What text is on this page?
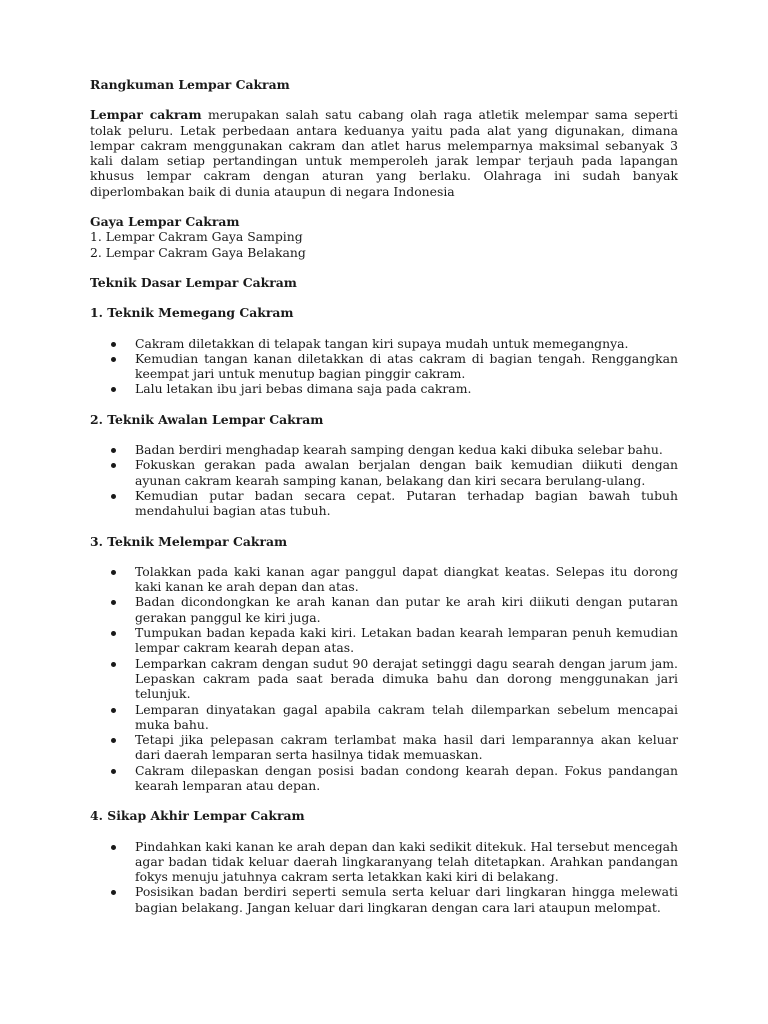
Rangkuman Lempar Cakram

Lempar cakram merupakan salah satu cabang olah raga atletik melempar sama seperti tolak peluru. Letak perbedaan antara keduanya yaitu pada alat yang digunakan, dimana lempar cakram menggunakan cakram dan atlet harus melemparnya maksimal sebanyak 3 kali dalam setiap pertandingan untuk memperoleh jarak lempar terjauh pada lapangan khusus lempar cakram dengan aturan yang berlaku. Olahraga ini sudah banyak diperlombakan baik di dunia ataupun di negara Indonesia

Gaya Lempar Cakram

1. Lempar Cakram Gaya Samping

2. Lempar Cakram Gaya Belakang

Teknik Dasar Lempar Cakram

1. Teknik Memegang Cakram

Cakram diletakkan di telapak tangan kiri supaya mudah untuk memegangnya.
Kemudian tangan kanan diletakkan di atas cakram di bagian tengah. Renggangkan keempat jari untuk menutup bagian pinggir cakram.
Lalu letakan ibu jari bebas dimana saja pada cakram.

2. Teknik Awalan Lempar Cakram

Badan berdiri menghadap kearah samping dengan kedua kaki dibuka selebar bahu.
Fokuskan gerakan pada awalan berjalan dengan baik kemudian diikuti dengan ayunan cakram kearah samping kanan, belakang dan kiri secara berulang-ulang.
Kemudian putar badan secara cepat. Putaran terhadap bagian bawah tubuh mendahului bagian atas tubuh.

3. Teknik Melempar Cakram

Tolakkan pada kaki kanan agar panggul dapat diangkat keatas. Selepas itu dorong kaki kanan ke arah depan dan atas.
Badan dicondongkan ke arah kanan dan putar ke arah kiri diikuti dengan putaran gerakan panggul ke kiri juga.
Tumpukan badan kepada kaki kiri. Letakan badan kearah lemparan penuh kemudian lempar cakram kearah depan atas.
Lemparkan cakram dengan sudut 90 derajat setinggi dagu searah dengan jarum jam. Lepaskan cakram pada saat berada dimuka bahu dan dorong menggunakan jari telunjuk.
Lemparan dinyatakan gagal apabila cakram telah dilemparkan sebelum mencapai muka bahu.
Tetapi jika pelepasan cakram terlambat maka hasil dari lemparannya akan keluar dari daerah lemparan serta hasilnya tidak memuaskan.
Cakram dilepaskan dengan posisi badan condong kearah depan. Fokus pandangan kearah lemparan atau depan.

4. Sikap Akhir Lempar Cakram

Pindahkan kaki kanan ke arah depan dan kaki sedikit ditekuk. Hal tersebut mencegah agar badan tidak keluar daerah lingkaranyang telah ditetapkan. Arahkan pandangan fokys menuju jatuhnya cakram serta letakkan kaki kiri di belakang.
Posisikan badan berdiri seperti semula serta keluar dari lingkaran hingga melewati bagian belakang. Jangan keluar dari lingkaran dengan cara lari ataupun melompat.
